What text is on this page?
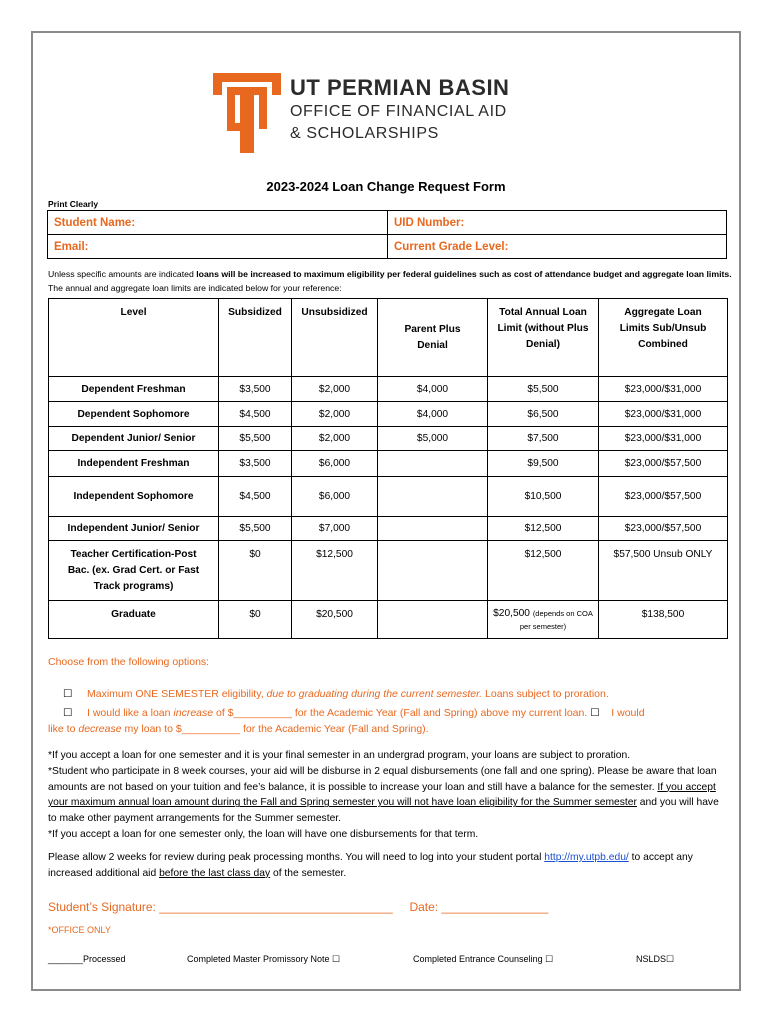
UT PERMIAN BASIN
OFFICE OF FINANCIAL AID
& SCHOLARSHIPS
2023-2024 Loan Change Request Form
Print Clearly
Student Name:	UID Number:
Email:	Current Grade Level:
Unless specific amounts are indicated loans will be increased to maximum eligibility per federal guidelines such as cost of attendance budget and aggregate loan limits. The annual and aggregate loan limits are indicated below for your reference:
Level	Subsidized	Unsubsidized	Parent Plus Denial	Total Annual Loan Limit (without Plus Denial)	Aggregate Loan Limits Sub/Unsub Combined

Dependent Freshman	$3,500	$2,000	$4,000	$5,500	$23,000/$31,000
Dependent Sophomore	$4,500	$2,000	$4,000	$6,500	$23,000/$31,000
Dependent Junior/ Senior	$5,500	$2,000	$5,000	$7,500	$23,000/$31,000
Independent Freshman	$3,500	$6,000		$9,500	$23,000/$57,500
Independent Sophomore	$4,500	$6,000		$10,500	$23,000/$57,500
Independent Junior/ Senior	$5,500	$7,000		$12,500	$23,000/$57,500

Teacher Certification-Post Bac. (ex. Grad Cert. or Fast Track programs)	$0	$12,500		$12,500	$57,500 Unsub ONLY
Graduate	$0	$20,500		$20,500 (depends on COA per semester)	$138,500
Choose from the following options:
☐ Maximum ONE SEMESTER eligibility, due to graduating during the current semester. Loans subject to proration.
☐ I would like a loan increase of $__________ for the Academic Year (Fall and Spring) above my current loan. ☐ I would
like to decrease my loan to $__________ for the Academic Year (Fall and Spring).
*If you accept a loan for one semester and it is your final semester in an undergrad program, your loans are subject to proration.
*Student who participate in 8 week courses, your aid will be disburse in 2 equal disbursements (one fall and one spring). Please be aware that loan amounts are not based on your tuition and fee’s balance, it is possible to increase your loan and still have a balance for the semester. If you accept your maximum annual loan amount during the Fall and Spring semester you will not have loan eligibility for the Summer semester and you will have to make other payment arrangements for the Summer semester.
*If you accept a loan for one semester only, the loan will have one disbursements for that term.
Please allow 2 weeks for review during peak processing months. You will need to log into your student portal http://my.utpb.edu/ to accept any increased additional aid before the last class day of the semester.
Student’s Signature: ___________________________________ Date: ________________
*OFFICE ONLY
_______Processed	Completed Master Promissory Note ☐	Completed Entrance Counseling ☐	NSLDS☐
